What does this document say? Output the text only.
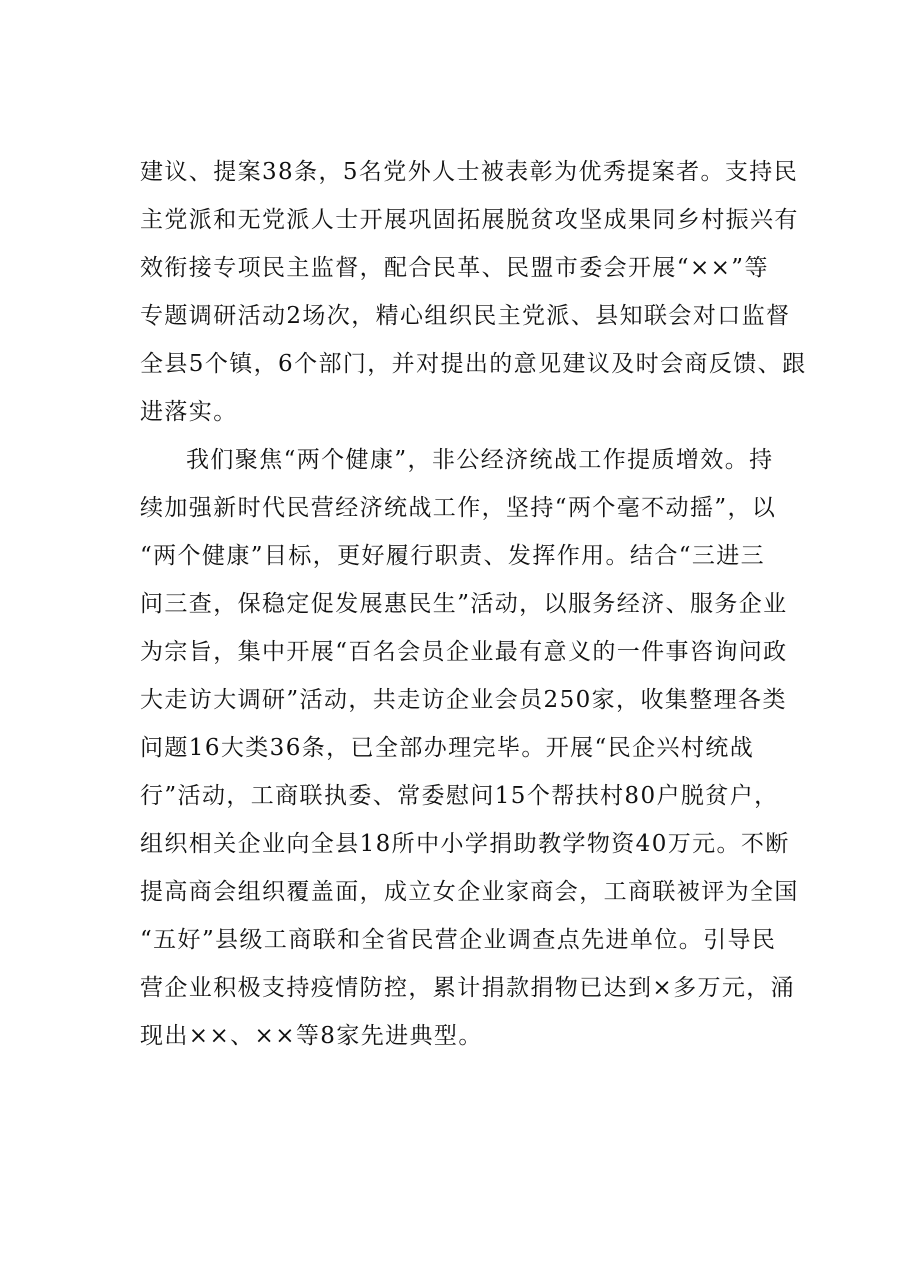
建议、提案38条，5名党外人士被表彰为优秀提案者。支持民
主党派和无党派人士开展巩固拓展脱贫攻坚成果同乡村振兴有
效衔接专项民主监督，配合民革、民盟市委会开展“××”等
专题调研活动2场次，精心组织民主党派、县知联会对口监督
全县5个镇，6个部门，并对提出的意见建议及时会商反馈、跟
进落实。
我们聚焦“两个健康”，非公经济统战工作提质增效。持
续加强新时代民营经济统战工作，坚持“两个毫不动摇”，以
“两个健康”目标，更好履行职责、发挥作用。结合“三进三
问三查，保稳定促发展惠民生”活动，以服务经济、服务企业
为宗旨，集中开展“百名会员企业最有意义的一件事咨询问政
大走访大调研”活动，共走访企业会员250家，收集整理各类
问题16大类36条，已全部办理完毕。开展“民企兴村统战
行”活动，工商联执委、常委慰问15个帮扶村80户脱贫户，
组织相关企业向全县18所中小学捐助教学物资40万元。不断
提高商会组织覆盖面，成立女企业家商会，工商联被评为全国
“五好”县级工商联和全省民营企业调查点先进单位。引导民
营企业积极支持疫情防控，累计捐款捐物已达到×多万元，涌
现出××、××等8家先进典型。
